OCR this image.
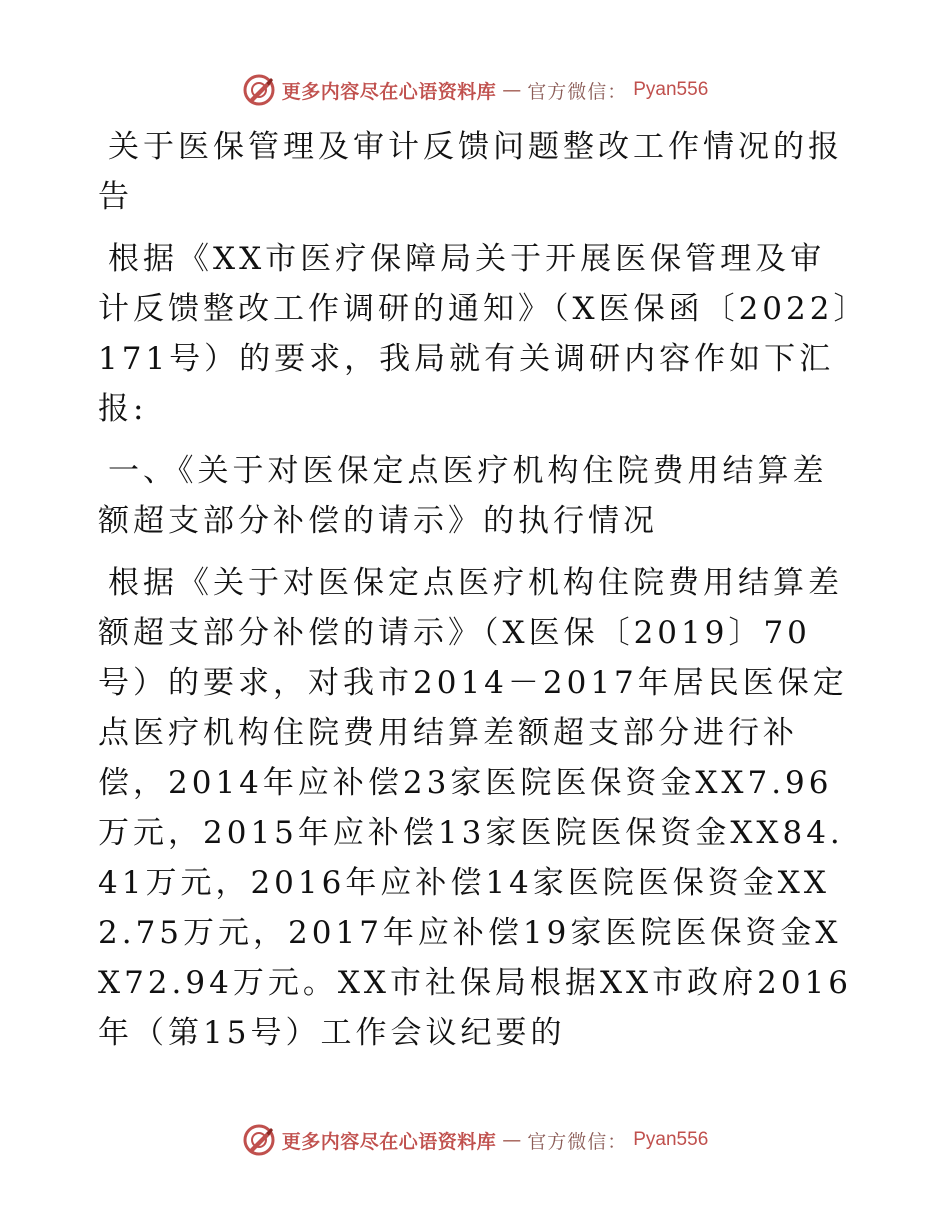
更多内容尽在心语资料库 — 官方微信： Pyan556

关于医保管理及审计反馈问题整改工作情况的报告

根据《XX市医疗保障局关于开展医保管理及审计反馈整改工作调研的通知》（X医保函〔2022〕171号）的要求，我局就有关调研内容作如下汇报:

一、《关于对医保定点医疗机构住院费用结算差额超支部分补偿的请示》的执行情况

根据《关于对医保定点医疗机构住院费用结算差额超支部分补偿的请示》（X医保〔2019〕70号）的要求，对我市2014－2017年居民医保定点医疗机构住院费用结算差额超支部分进行补偿，2014年应补偿23家医院医保资金XX7.96万元，2015年应补偿13家医院医保资金XX84.41万元，2016年应补偿14家医院医保资金XX2.75万元，2017年应补偿19家医院医保资金XX72.94万元。XX市社保局根据XX市政府2016年（第15号）工作会议纪要的

更多内容尽在心语资料库 — 官方微信： Pyan556
